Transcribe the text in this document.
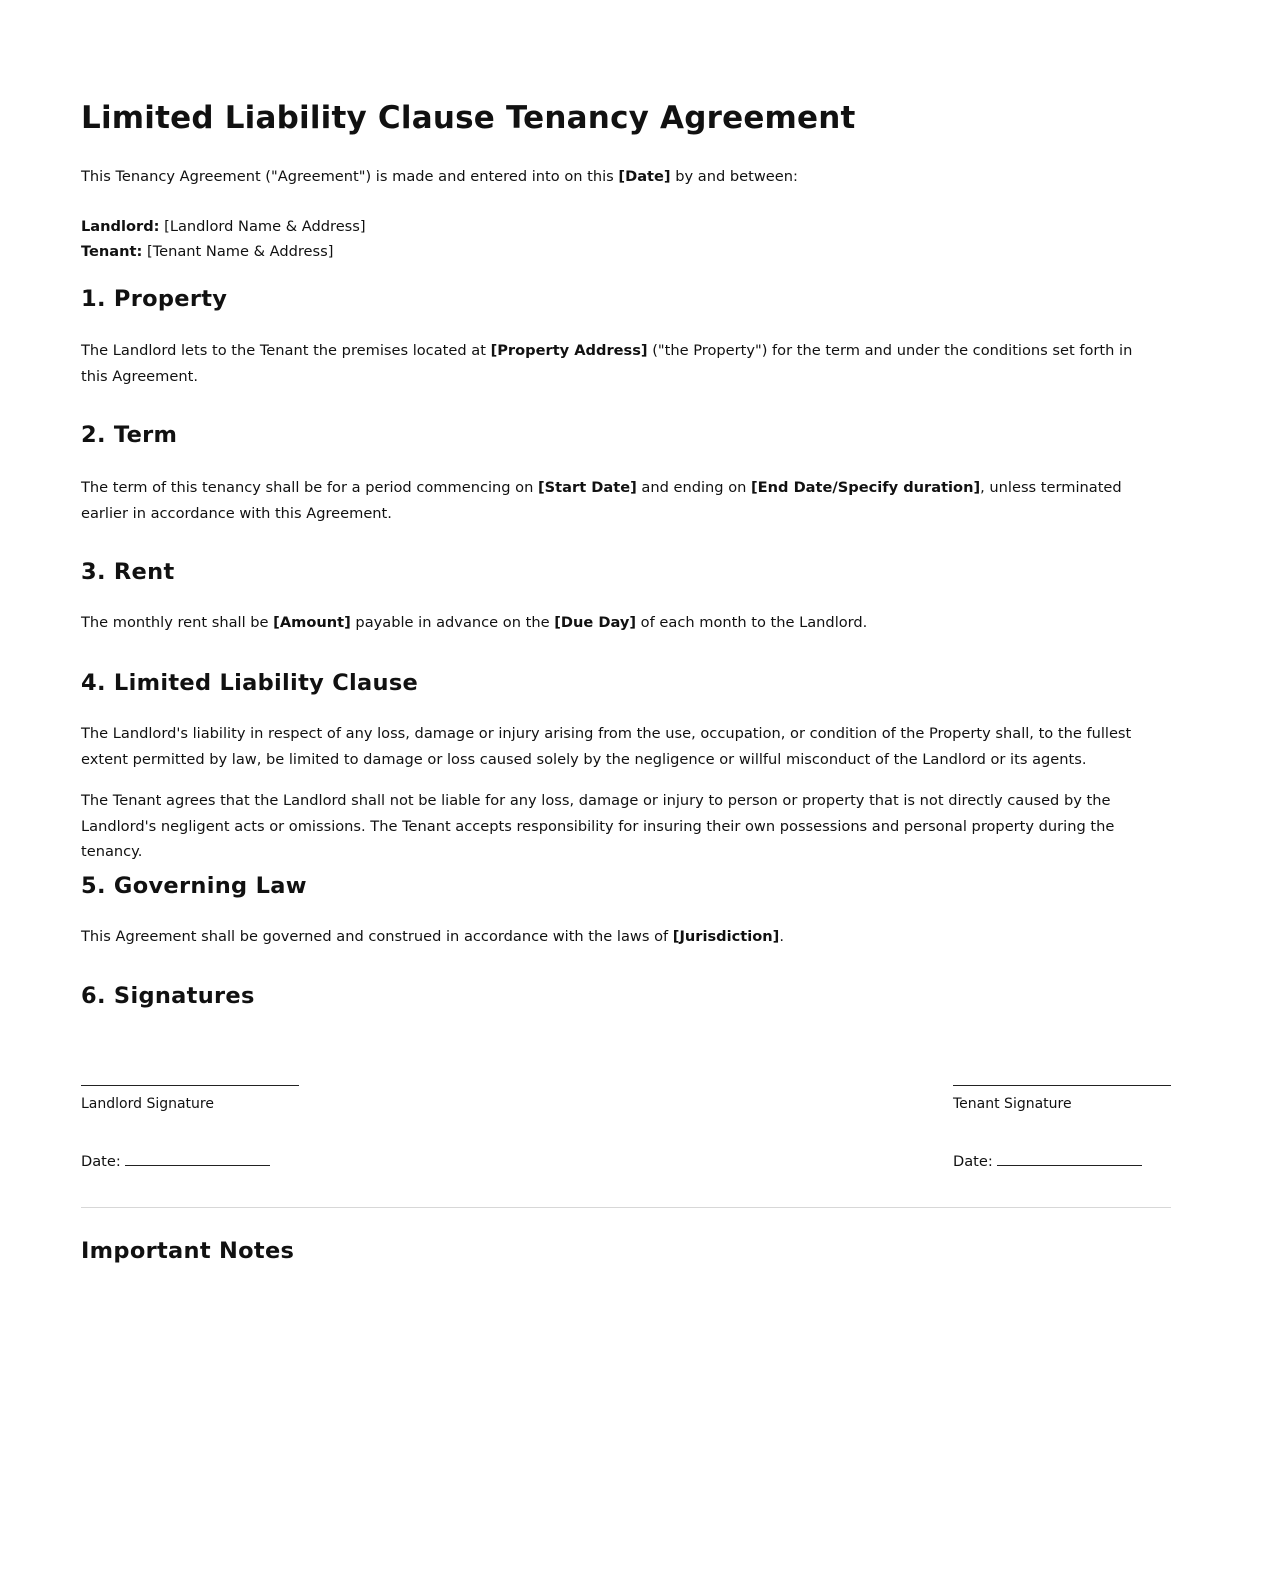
Limited Liability Clause Tenancy Agreement

This Tenancy Agreement ("Agreement") is made and entered into on this [Date] by and between:

Landlord: [Landlord Name & Address]
Tenant: [Tenant Name & Address]
1. Property

The Landlord lets to the Tenant the premises located at [Property Address] ("the Property") for the term and under the conditions set forth in this Agreement.

2. Term

The term of this tenancy shall be for a period commencing on [Start Date] and ending on [End Date/Specify duration], unless terminated earlier in accordance with this Agreement.

3. Rent

The monthly rent shall be [Amount] payable in advance on the [Due Day] of each month to the Landlord.

4. Limited Liability Clause

The Landlord's liability in respect of any loss, damage or injury arising from the use, occupation, or condition of the Property shall, to the fullest extent permitted by law, be limited to damage or loss caused solely by the negligence or willful misconduct of the Landlord or its agents.

The Tenant agrees that the Landlord shall not be liable for any loss, damage or injury to person or property that is not directly caused by the Landlord's negligent acts or omissions. The Tenant accepts responsibility for insuring their own possessions and personal property during the tenancy.

5. Governing Law

This Agreement shall be governed and construed in accordance with the laws of [Jurisdiction].

6. Signatures
Landlord Signature
Date:
Tenant Signature
Date:
Important Notes
